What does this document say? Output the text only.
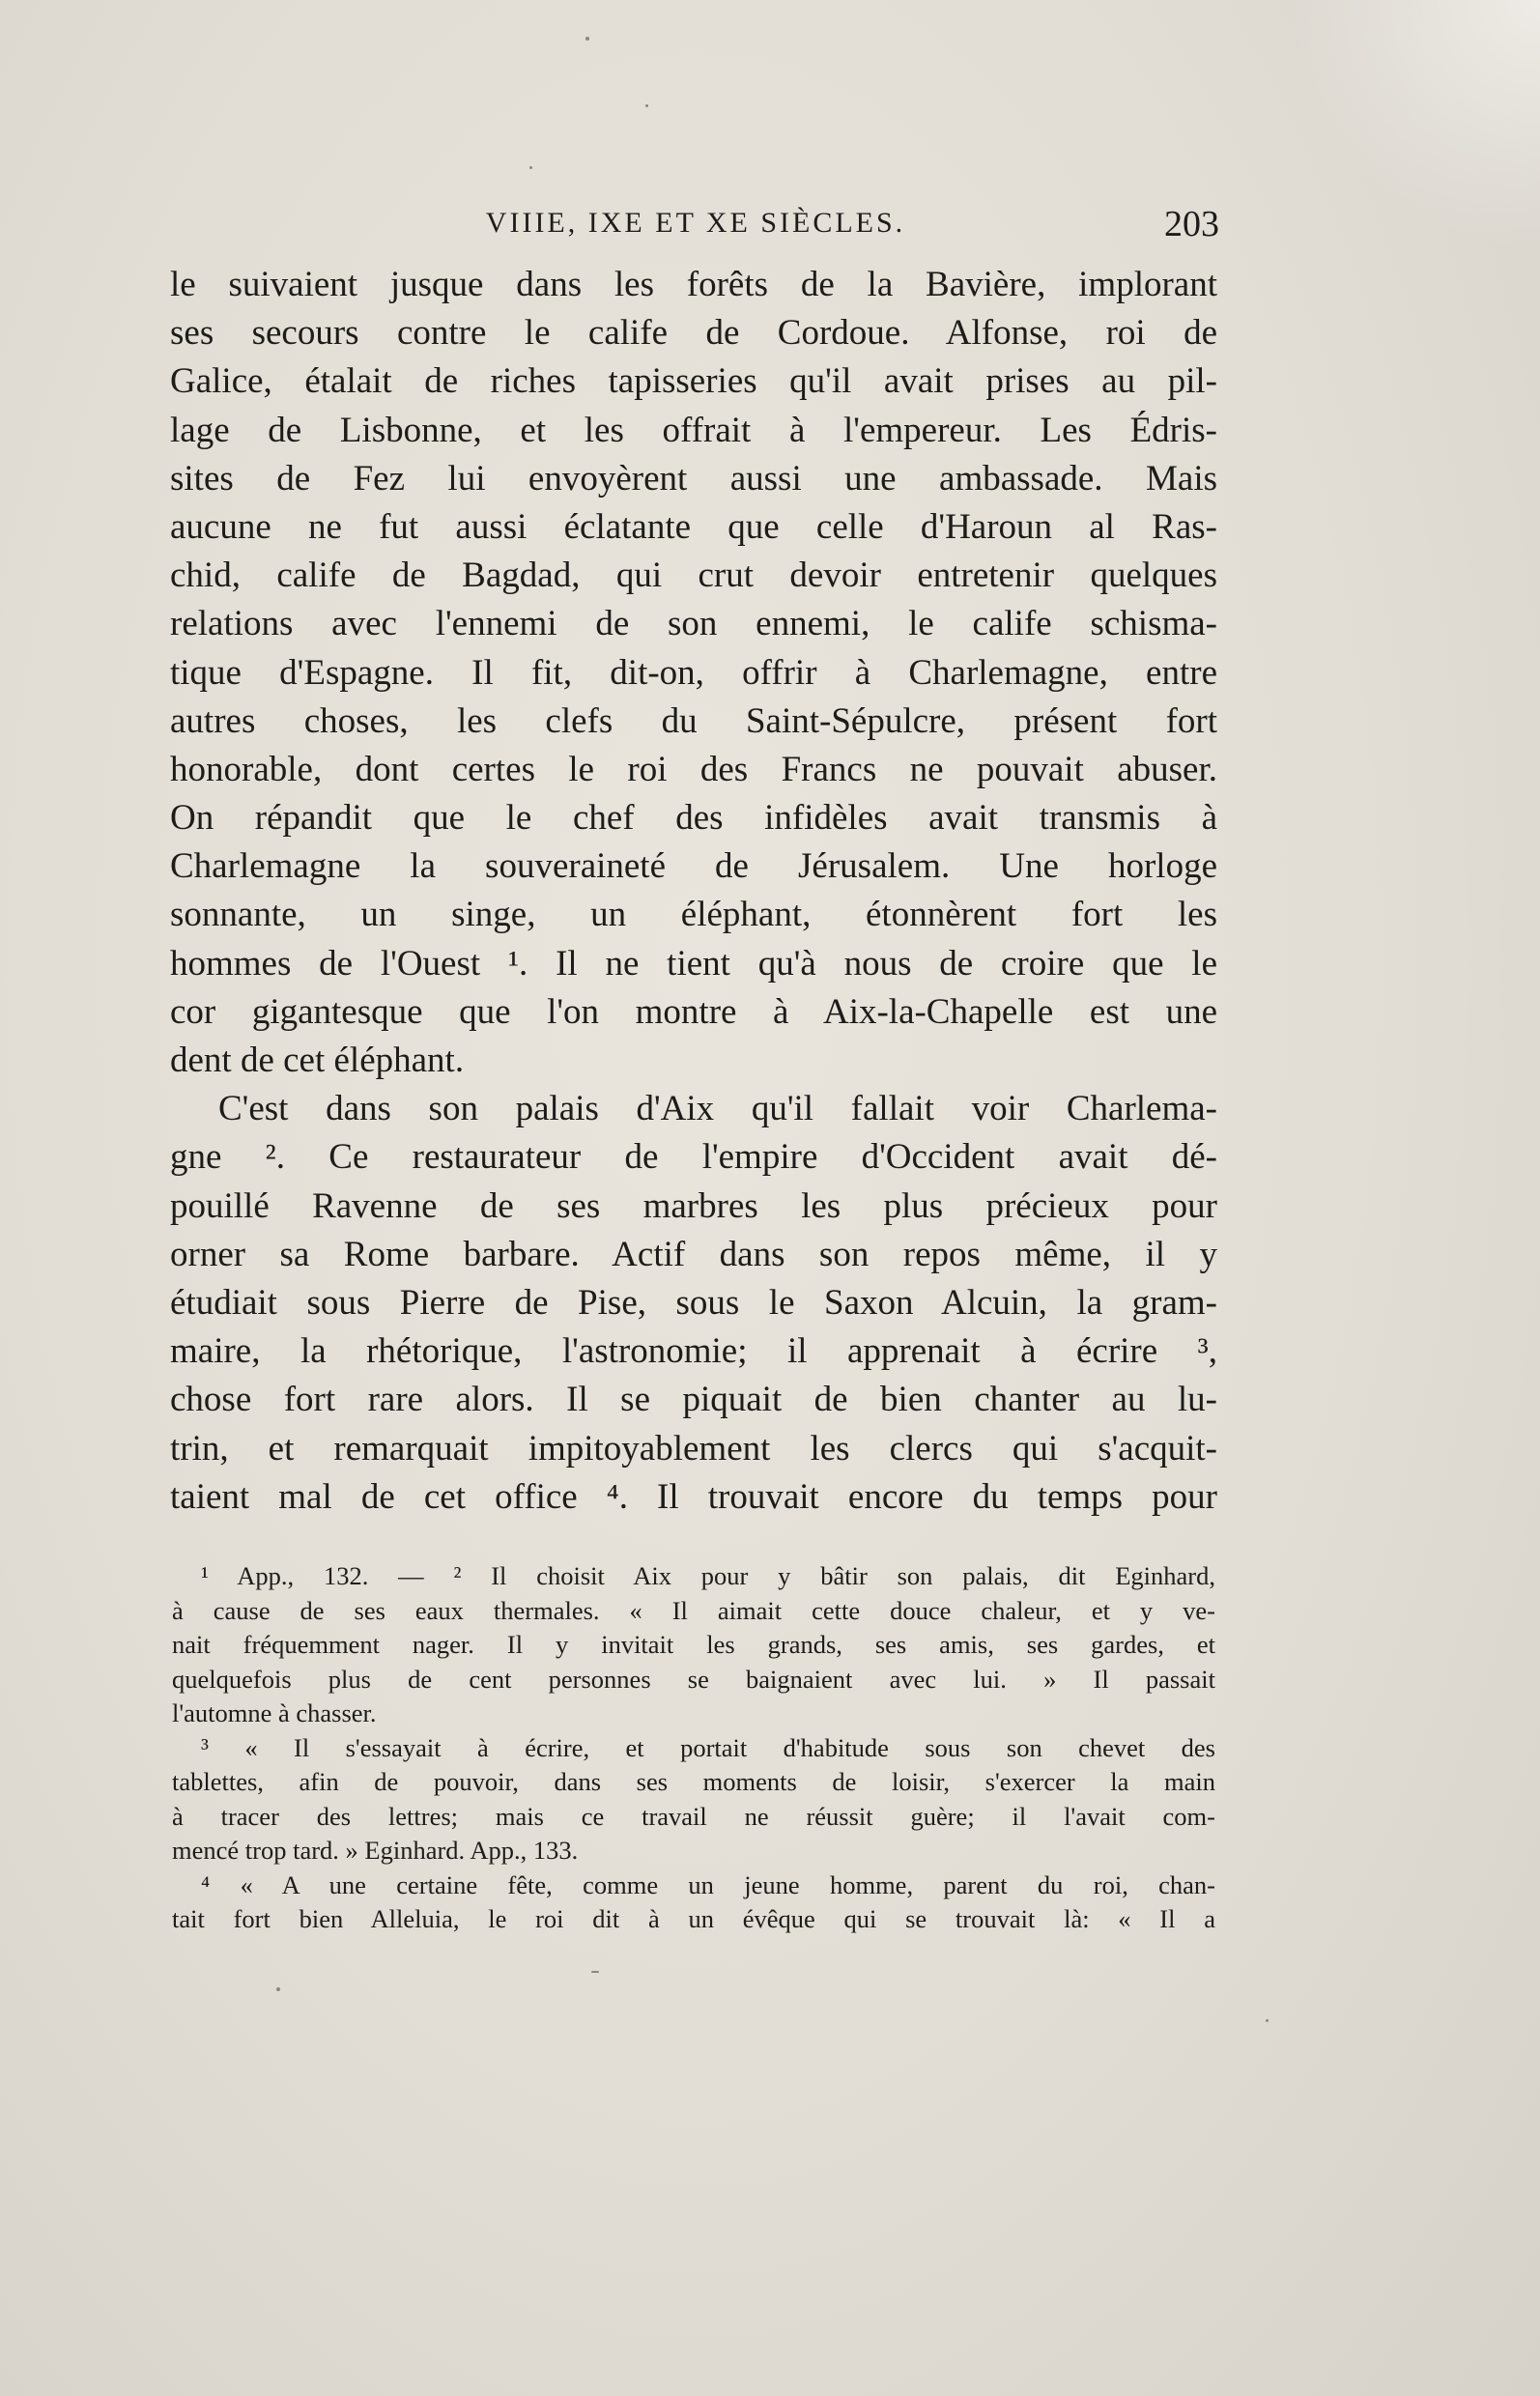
VIIIE, IXE ET XE SIÈCLES.	203
le suivaient jusque dans les forêts de la Bavière, implorant
ses secours contre le calife de Cordoue. Alfonse, roi de
Galice, étalait de riches tapisseries qu'il avait prises au pil-
lage de Lisbonne, et les offrait à l'empereur. Les Édris-
sites de Fez lui envoyèrent aussi une ambassade. Mais
aucune ne fut aussi éclatante que celle d'Haroun al Ras-
chid, calife de Bagdad, qui crut devoir entretenir quelques
relations avec l'ennemi de son ennemi, le calife schisma-
tique d'Espagne. Il fit, dit-on, offrir à Charlemagne, entre
autres choses, les clefs du Saint-Sépulcre, présent fort
honorable, dont certes le roi des Francs ne pouvait abuser.
On répandit que le chef des infidèles avait transmis à
Charlemagne la souveraineté de Jérusalem. Une horloge
sonnante, un singe, un éléphant, étonnèrent fort les
hommes de l'Ouest ¹. Il ne tient qu'à nous de croire que le
cor gigantesque que l'on montre à Aix-la-Chapelle est une
dent de cet éléphant.
C'est dans son palais d'Aix qu'il fallait voir Charlema-
gne ². Ce restaurateur de l'empire d'Occident avait dé-
pouillé Ravenne de ses marbres les plus précieux pour
orner sa Rome barbare. Actif dans son repos même, il y
étudiait sous Pierre de Pise, sous le Saxon Alcuin, la gram-
maire, la rhétorique, l'astronomie; il apprenait à écrire ³,
chose fort rare alors. Il se piquait de bien chanter au lu-
trin, et remarquait impitoyablement les clercs qui s'acquit-
taient mal de cet office ⁴. Il trouvait encore du temps pour
¹ App., 132. — ² Il choisit Aix pour y bâtir son palais, dit Eginhard,
à cause de ses eaux thermales. « Il aimait cette douce chaleur, et y ve-
nait fréquemment nager. Il y invitait les grands, ses amis, ses gardes, et
quelquefois plus de cent personnes se baignaient avec lui. » Il passait
l'automne à chasser.
³ « Il s'essayait à écrire, et portait d'habitude sous son chevet des
tablettes, afin de pouvoir, dans ses moments de loisir, s'exercer la main
à tracer des lettres; mais ce travail ne réussit guère; il l'avait com-
mencé trop tard. » Eginhard. App., 133.
⁴ « A une certaine fête, comme un jeune homme, parent du roi, chan-
tait fort bien Alleluia, le roi dit à un évêque qui se trouvait là: « Il a
